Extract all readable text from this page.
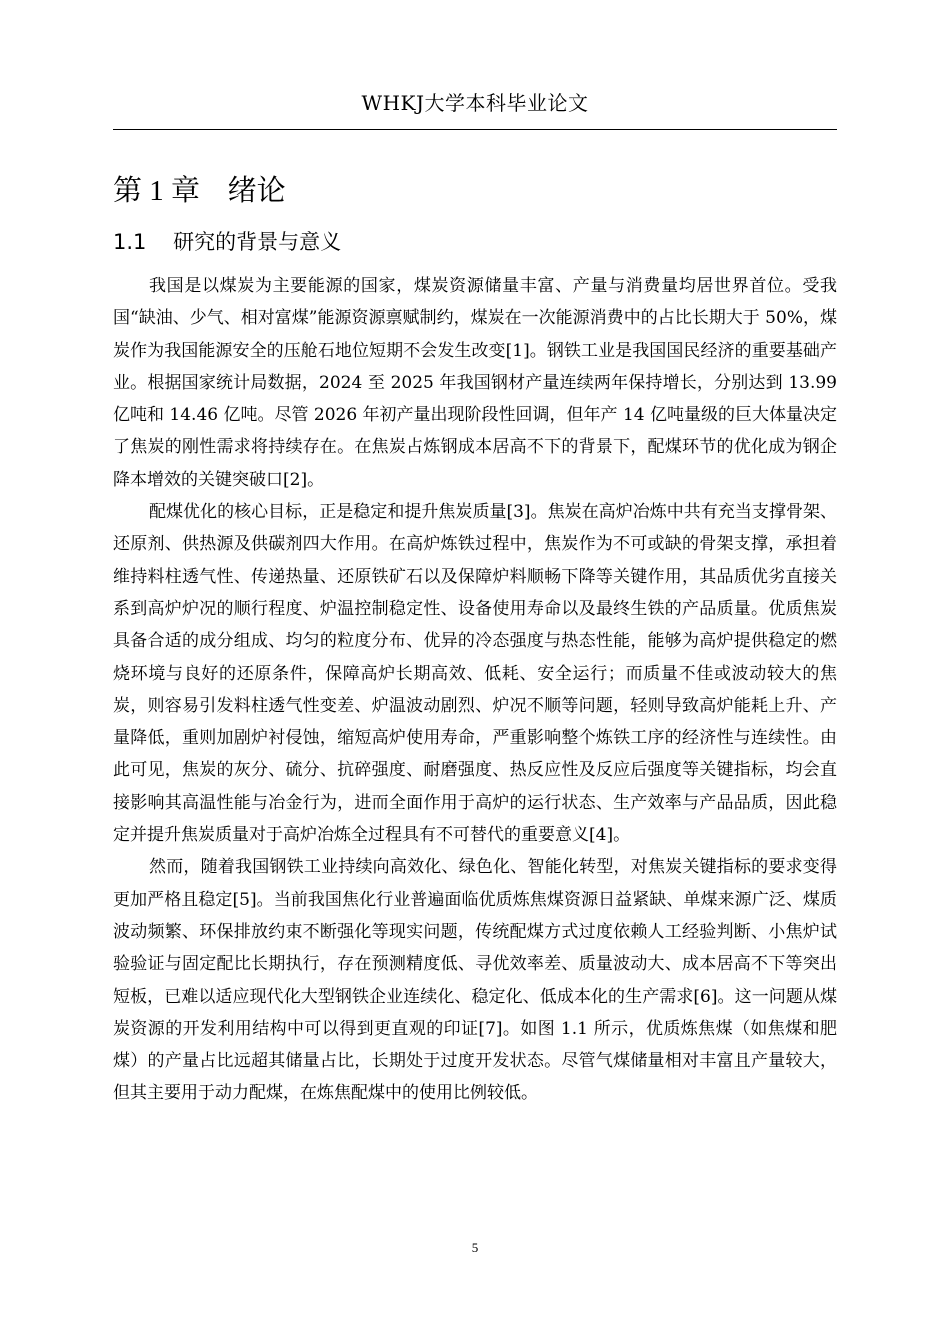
WHKJ大学本科毕业论文
第 1 章 绪论
1.1 研究的背景与意义

我国是以煤炭为主要能源的国家，煤炭资源储量丰富、产量与消费量均居世界首位。受我国“缺油、少气、相对富煤”能源资源禀赋制约，煤炭在一次能源消费中的占比长期大于 50%，煤炭作为我国能源安全的压舱石地位短期不会发生改变[1]。钢铁工业是我国国民经济的重要基础产业。根据国家统计局数据，2024 至 2025 年我国钢材产量连续两年保持增长，分别达到 13.99 亿吨和 14.46 亿吨。尽管 2026 年初产量出现阶段性回调，但年产 14 亿吨量级的巨大体量决定了焦炭的刚性需求将持续存在。在焦炭占炼钢成本居高不下的背景下，配煤环节的优化成为钢企降本增效的关键突破口[2]。

配煤优化的核心目标，正是稳定和提升焦炭质量[3]。焦炭在高炉冶炼中共有充当支撑骨架、还原剂、供热源及供碳剂四大作用。在高炉炼铁过程中，焦炭作为不可或缺的骨架支撑，承担着维持料柱透气性、传递热量、还原铁矿石以及保障炉料顺畅下降等关键作用，其品质优劣直接关系到高炉炉况的顺行程度、炉温控制稳定性、设备使用寿命以及最终生铁的产品质量。优质焦炭具备合适的成分组成、均匀的粒度分布、优异的冷态强度与热态性能，能够为高炉提供稳定的燃烧环境与良好的还原条件，保障高炉长期高效、低耗、安全运行；而质量不佳或波动较大的焦炭，则容易引发料柱透气性变差、炉温波动剧烈、炉况不顺等问题，轻则导致高炉能耗上升、产量降低，重则加剧炉衬侵蚀，缩短高炉使用寿命，严重影响整个炼铁工序的经济性与连续性。由此可见，焦炭的灰分、硫分、抗碎强度、耐磨强度、热反应性及反应后强度等关键指标，均会直接影响其高温性能与冶金行为，进而全面作用于高炉的运行状态、生产效率与产品品质，因此稳定并提升焦炭质量对于高炉冶炼全过程具有不可替代的重要意义[4]。

然而，随着我国钢铁工业持续向高效化、绿色化、智能化转型，对焦炭关键指标的要求变得更加严格且稳定[5]。当前我国焦化行业普遍面临优质炼焦煤资源日益紧缺、单煤来源广泛、煤质波动频繁、环保排放约束不断强化等现实问题，传统配煤方式过度依赖人工经验判断、小焦炉试验验证与固定配比长期执行，存在预测精度低、寻优效率差、质量波动大、成本居高不下等突出短板，已难以适应现代化大型钢铁企业连续化、稳定化、低成本化的生产需求[6]。这一问题从煤炭资源的开发利用结构中可以得到更直观的印证[7]。如图 1.1 所示，优质炼焦煤（如焦煤和肥煤）的产量占比远超其储量占比，长期处于过度开发状态。尽管气煤储量相对丰富且产量较大，但其主要用于动力配煤，在炼焦配煤中的使用比例较低。

5
